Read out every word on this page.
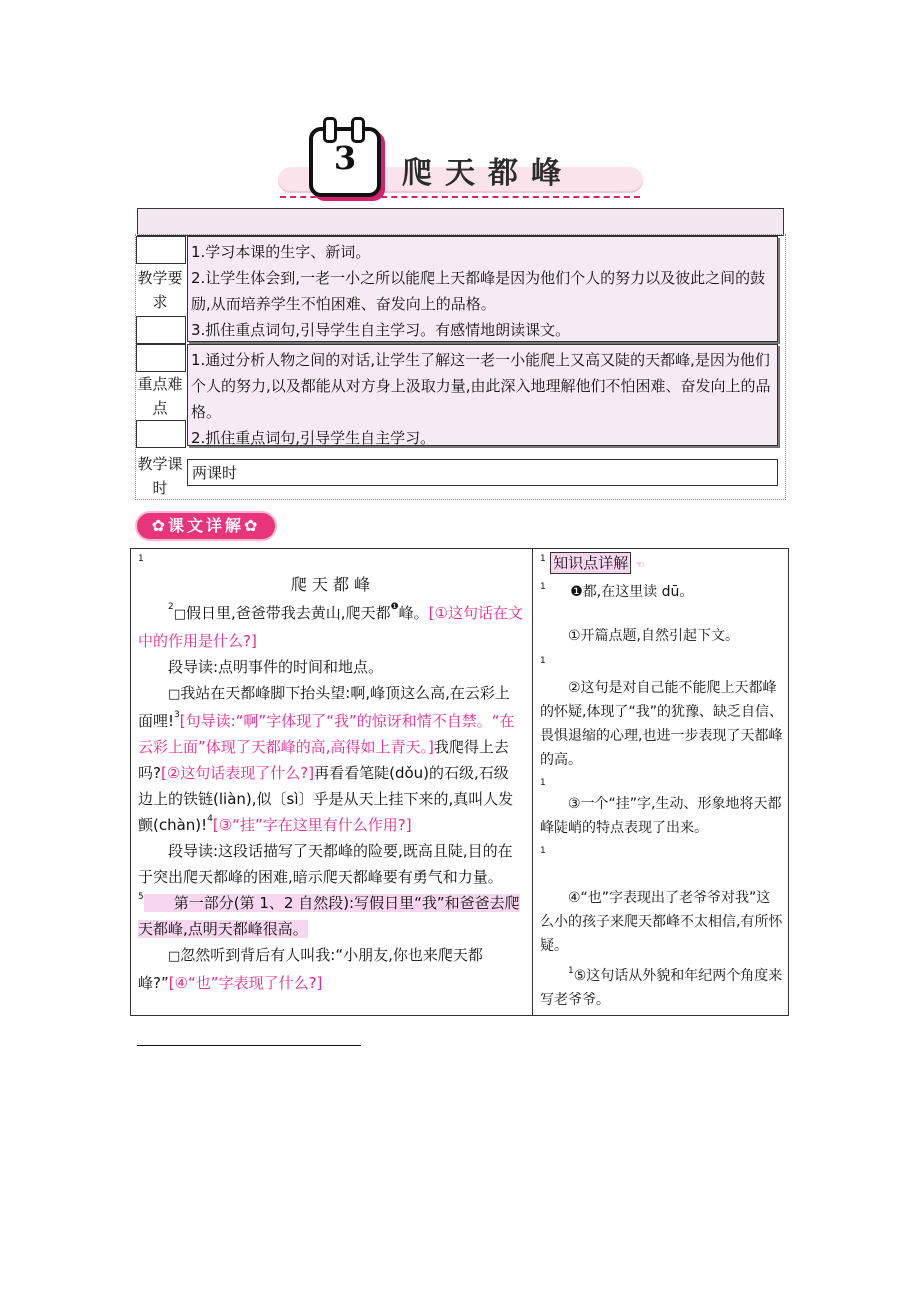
3	爬天都峰
教学要求

1.学习本课的生字、新词。

2.让学生体会到,一老一小之所以能爬上天都峰是因为他们个人的努力以及彼此之间的鼓励,从而培养学生不怕困难、奋发向上的品格。

3.抓住重点词句,引导学生自主学习。有感情地朗读课文。

重点难点

1.通过分析人物之间的对话,让学生了解这一老一小能爬上又高又陡的天都峰,是因为他们个人的努力,以及都能从对方身上汲取力量,由此深入地理解他们不怕困难、奋发向上的品格。

2.抓住重点词句,引导学生自主学习。

教学课时
两课时
✿课文详解✿
1
爬 天 都 峰

$^2$□假日里,爸爸带我去黄山,爬天都$^❶$峰。[①这句话在文中的作用是什么?]

段导读:点明事件的时间和地点。

□我站在天都峰脚下抬头望:啊,峰顶这么高,在云彩上面哩!$^3$[句导读:“啊”字体现了“我”的惊讶和情不自禁。“在云彩上面”体现了天都峰的高,高得如上青天。]我爬得上去吗?[②这句话表现了什么?]再看看笔陡(dǒu)的石级,石级边上的铁链(liàn),似〔sì〕乎是从天上挂下来的,真叫人发颤(chàn)!$^4$[③“挂”字在这里有什么作用?]

段导读:这段话描写了天都峰的险要,既高且陡,目的在于突出爬天都峰的困难,暗示爬天都峰要有勇气和力量。

$^5$ 第一部分(第 1、2 自然段):写假日里“我”和爸爸去爬天都峰,点明天都峰很高。

□忽然听到背后有人叫我:“小朋友,你也来爬天都峰?”[④“也”字表现了什么?]

$^1$ 知识点详解 ☜
$^1$ ❶都,在这里读 dū。
①开篇点题,自然引起下文。
1
②这句是对自己能不能爬上天都峰的怀疑,体现了“我”的犹豫、缺乏自信、畏惧退缩的心理,也进一步表现了天都峰的高。
1
③一个“挂”字,生动、形象地将天都峰陡峭的特点表现了出来。
1
④“也”字表现出了老爷爷对我”这么小的孩子来爬天都峰不太相信,有所怀疑。
$^1$⑤这句话从外貌和年纪两个角度来写老爷爷。
